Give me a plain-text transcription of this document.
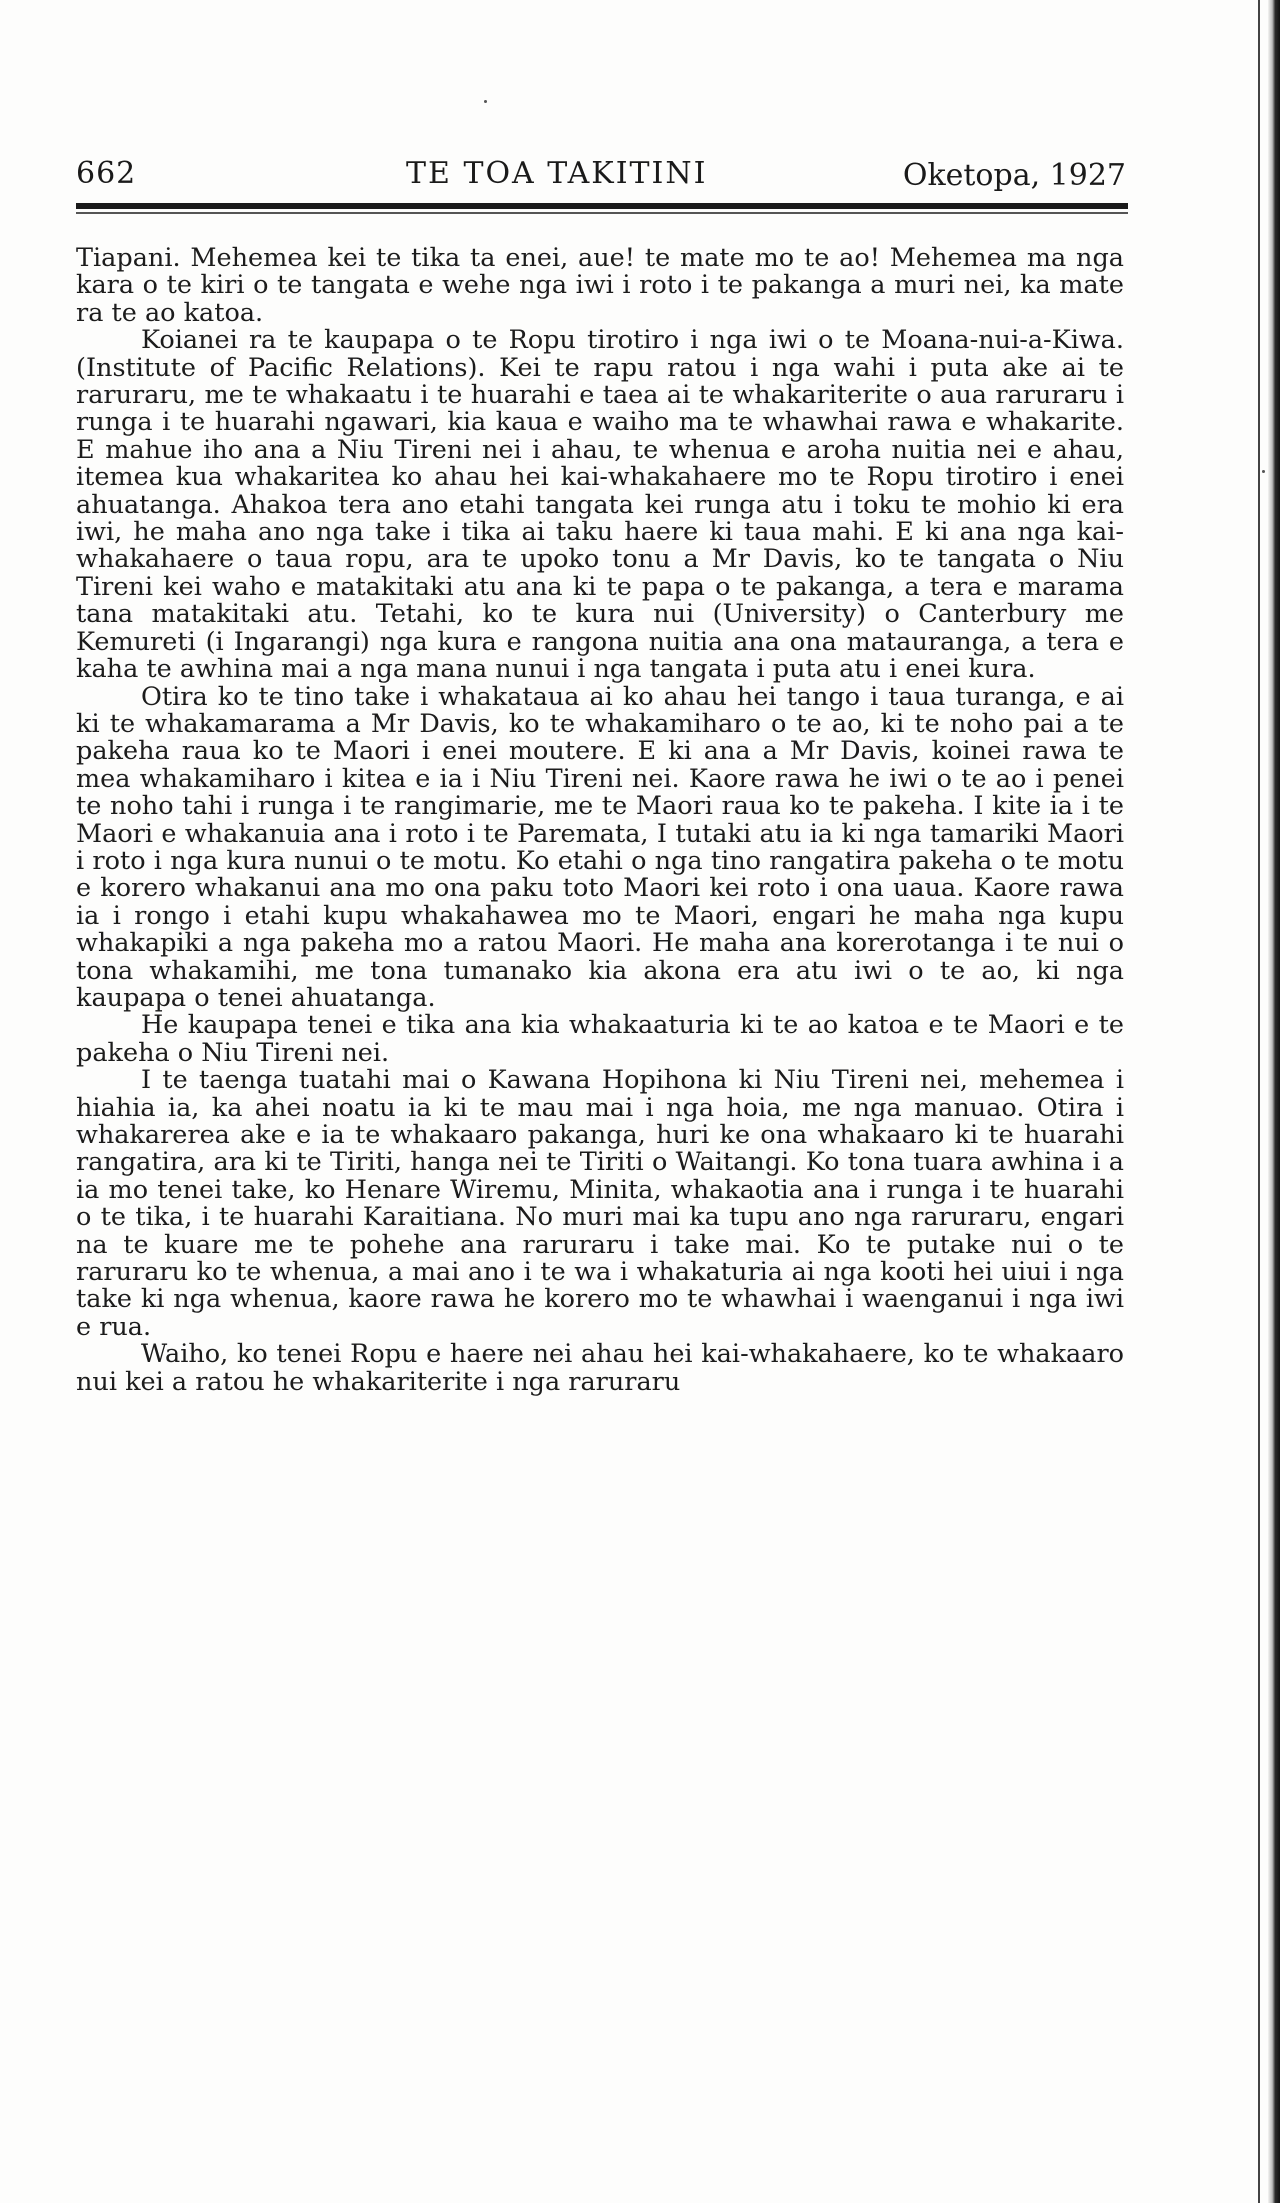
662	TE TOA TAKITINI	Oketopa, 1927

Tiapani. Mehemea kei te tika ta enei, aue! te mate mo te ao! Mehemea ma nga kara o te kiri o te tangata e wehe nga iwi i roto i te pakanga a muri nei, ka mate ra te ao katoa.

Koianei ra te kaupapa o te Ropu tirotiro i nga iwi o te Moana-nui-a-Kiwa. (Institute of Pacific Relations). Kei te rapu ratou i nga wahi i puta ake ai te raruraru, me te whakaatu i te huarahi e taea ai te whakariterite o aua raruraru i runga i te huarahi ngawari, kia kaua e waiho ma te whawhai rawa e whakarite. E mahue iho ana a Niu Tireni nei i ahau, te whenua e aroha nuitia nei e ahau, itemea kua whakaritea ko ahau hei kai-whakahaere mo te Ropu tirotiro i enei ahuatanga. Ahakoa tera ano etahi tangata kei runga atu i toku te mohio ki era iwi, he maha ano nga take i tika ai taku haere ki taua mahi. E ki ana nga kai-whakahaere o taua ropu, ara te upoko tonu a Mr Davis, ko te tangata o Niu Tireni kei waho e matakitaki atu ana ki te papa o te pakanga, a tera e marama tana matakitaki atu. Tetahi, ko te kura nui (University) o Canterbury me Kemureti (i Ingarangi) nga kura e rangona nuitia ana ona matauranga, a tera e kaha te awhina mai a nga mana nunui i nga tangata i puta atu i enei kura.

Otira ko te tino take i whakataua ai ko ahau hei tango i taua turanga, e ai ki te whakamarama a Mr Davis, ko te whakamiharo o te ao, ki te noho pai a te pakeha raua ko te Maori i enei moutere. E ki ana a Mr Davis, koinei rawa te mea whakamiharo i kitea e ia i Niu Tireni nei. Kaore rawa he iwi o te ao i penei te noho tahi i runga i te rangimarie, me te Maori raua ko te pakeha. I kite ia i te Maori e whakanuia ana i roto i te Paremata, I tutaki atu ia ki nga tamariki Maori i roto i nga kura nunui o te motu. Ko etahi o nga tino rangatira pakeha o te motu e korero whakanui ana mo ona paku toto Maori kei roto i ona uaua. Kaore rawa ia i rongo i etahi kupu whakahawea mo te Maori, engari he maha nga kupu whakapiki a nga pakeha mo a ratou Maori. He maha ana korerotanga i te nui o tona whakamihi, me tona tumanako kia akona era atu iwi o te ao, ki nga kaupapa o tenei ahuatanga.

He kaupapa tenei e tika ana kia whakaaturia ki te ao katoa e te Maori e te pakeha o Niu Tireni nei.

I te taenga tuatahi mai o Kawana Hopihona ki Niu Tireni nei, mehemea i hiahia ia, ka ahei noatu ia ki te mau mai i nga hoia, me nga manuao. Otira i whakarerea ake e ia te whakaaro pakanga, huri ke ona whakaaro ki te huarahi rangatira, ara ki te Tiriti, hanga nei te Tiriti o Waitangi. Ko tona tuara awhina i a ia mo tenei take, ko Henare Wiremu, Minita, whakaotia ana i runga i te huarahi o te tika, i te huarahi Karaitiana. No muri mai ka tupu ano nga raruraru, engari na te kuare me te pohehe ana raruraru i take mai. Ko te putake nui o te raruraru ko te whenua, a mai ano i te wa i whakaturia ai nga kooti hei uiui i nga take ki nga whenua, kaore rawa he korero mo te whawhai i waenganui i nga iwi e rua.

Waiho, ko tenei Ropu e haere nei ahau hei kai-whakahaere, ko te whakaaro nui kei a ratou he whakariterite i nga raruraru
